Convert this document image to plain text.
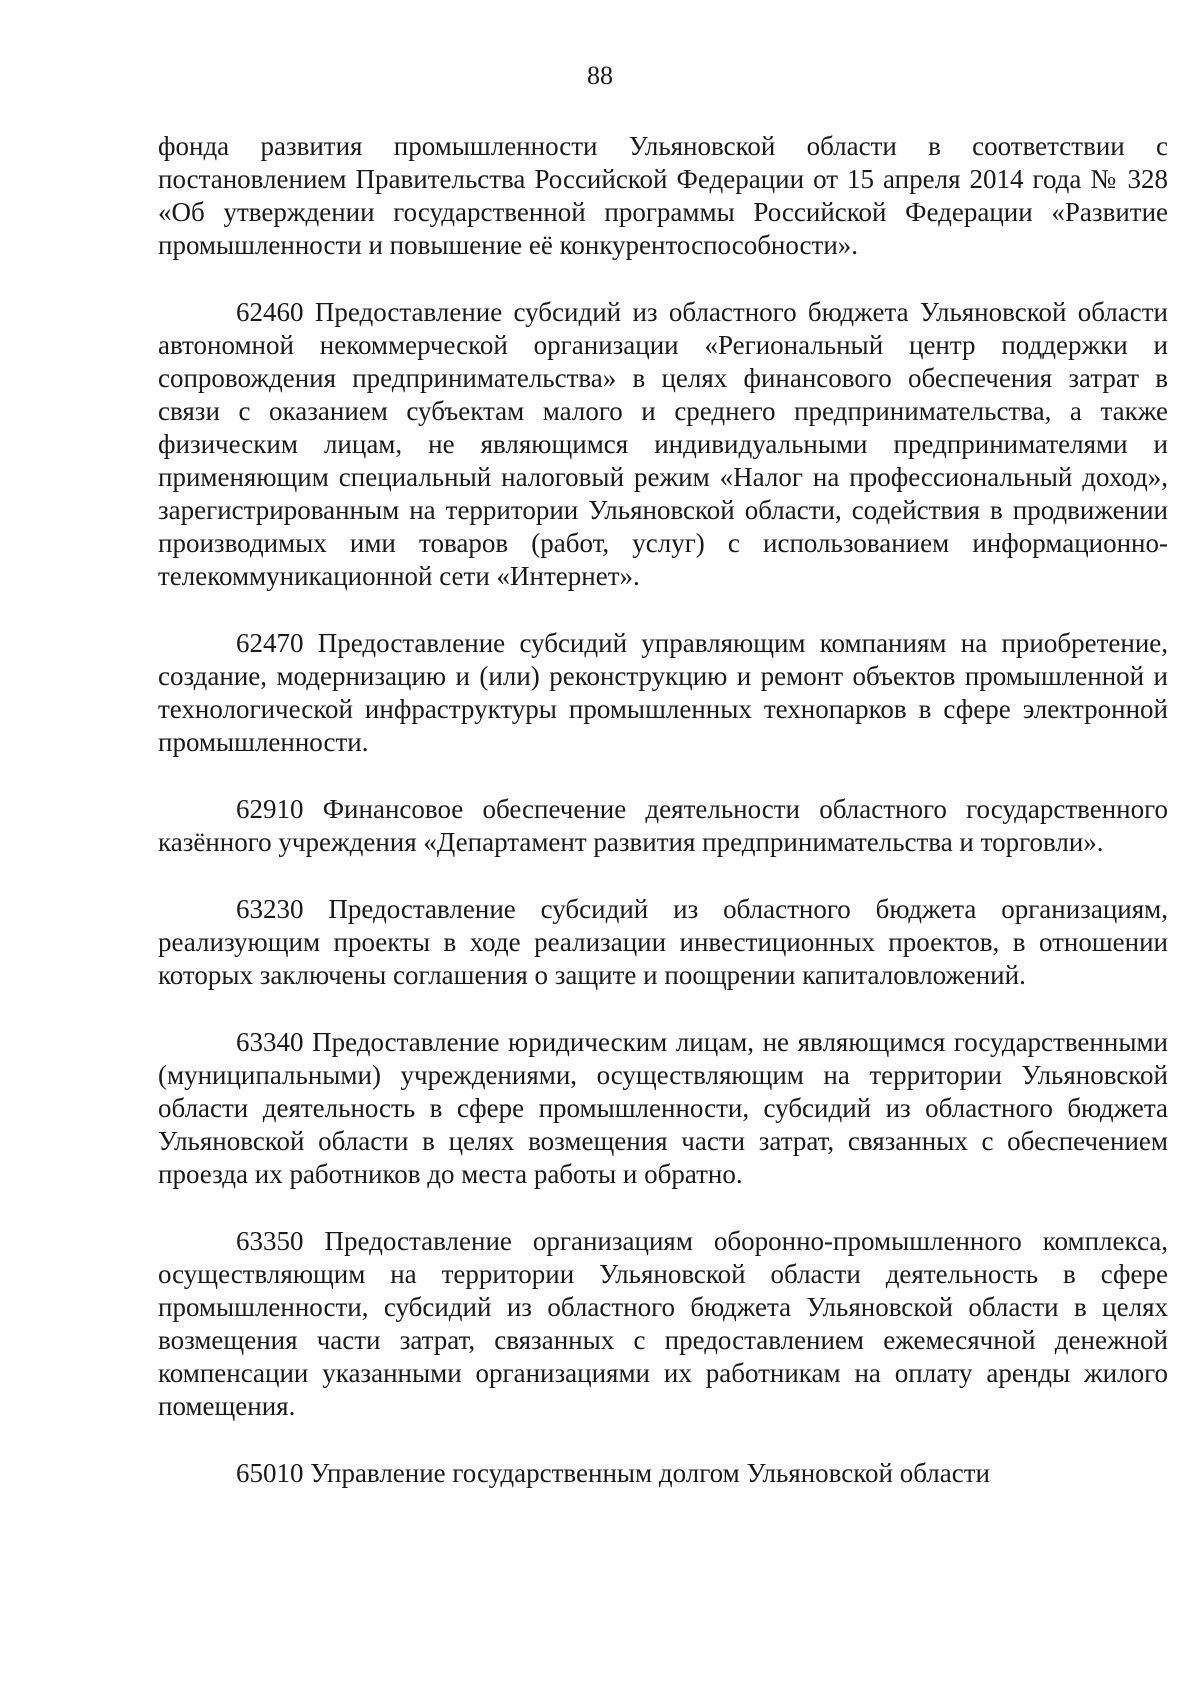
88

фонда развития промышленности Ульяновской области в соответствии с постановлением Правительства Российской Федерации от 15 апреля 2014 года № 328 «Об утверждении государственной программы Российской Федерации «Развитие промышленности и повышение её конкурентоспособности».

62460 Предоставление субсидий из областного бюджета Ульяновской области автономной некоммерческой организации «Региональный центр поддержки и сопровождения предпринимательства» в целях финансового обеспечения затрат в связи с оказанием субъектам малого и среднего предпринимательства, а также физическим лицам, не являющимся индивидуальными предпринимателями и применяющим специальный налоговый режим «Налог на профессиональный доход», зарегистрированным на территории Ульяновской области, содействия в продвижении производимых ими товаров (работ, услуг) с использованием информационно-телекоммуникационной сети «Интернет».

62470 Предоставление субсидий управляющим компаниям на приобретение, создание, модернизацию и (или) реконструкцию и ремонт объектов промышленной и технологической инфраструктуры промышленных технопарков в сфере электронной промышленности.

62910 Финансовое обеспечение деятельности областного государственного казённого учреждения «Департамент развития предпринимательства и торговли».

63230 Предоставление субсидий из областного бюджета организациям, реализующим проекты в ходе реализации инвестиционных проектов, в отношении которых заключены соглашения о защите и поощрении капиталовложений.

63340 Предоставление юридическим лицам, не являющимся государственными (муниципальными) учреждениями, осуществляющим на территории Ульяновской области деятельность в сфере промышленности, субсидий из областного бюджета Ульяновской области в целях возмещения части затрат, связанных с обеспечением проезда их работников до места работы и обратно.

63350 Предоставление организациям оборонно-промышленного комплекса, осуществляющим на территории Ульяновской области деятельность в сфере промышленности, субсидий из областного бюджета Ульяновской области в целях возмещения части затрат, связанных с предоставлением ежемесячной денежной компенсации указанными организациями их работникам на оплату аренды жилого помещения.

65010 Управление государственным долгом Ульяновской области
